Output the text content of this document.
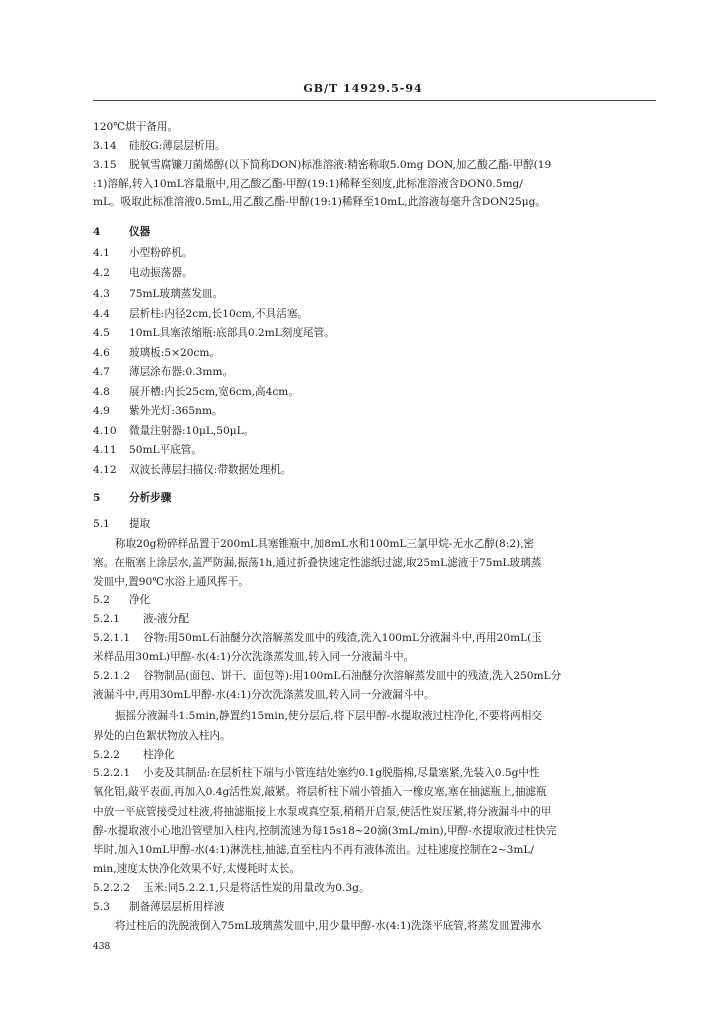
GB/T 14929.5-94
120℃烘干备用。
3.14 硅胶G:薄层层析用。
3.15 脱氧雪腐镰刀菌烯醇(以下简称DON)标准溶液:精密称取5.0mg DON,加乙酸乙酯-甲醇(19
:1)溶解,转入10mL容量瓶中,用乙酸乙酯-甲醇(19:1)稀释至刻度,此标准溶液含DON0.5mg/
mL。吸取此标准溶液0.5mL,用乙酸乙酯-甲醇(19:1)稀释至10mL,此溶液每毫升含DON25μg。
4	仪器
4.1 小型粉碎机。
4.2 电动振荡器。
4.3 75mL玻璃蒸发皿。
4.4 层析柱:内径2cm,长10cm,不具活塞。
4.5 10mL具塞浓缩瓶:底部具0.2mL刻度尾管。
4.6 玻璃板:5×20cm。
4.7 薄层涂布器:0.3mm。
4.8 展开槽:内长25cm,宽6cm,高4cm。
4.9 紫外光灯:365nm。
4.10 微量注射器:10μL,50μL。
4.11 50mL平底管。
4.12 双波长薄层扫描仪:带数据处理机。
5	分析步骤
5.1 提取
称取20g粉碎样品置于200mL具塞锥瓶中,加8mL水和100mL三氯甲烷-无水乙醇(8:2),密
塞。在瓶塞上涂层水,盖严防漏,振荡1h,通过折叠快速定性滤纸过滤,取25mL滤液于75mL玻璃蒸
发皿中,置90℃水浴上通风挥干。
5.2 净化
5.2.1 液-液分配
5.2.1.1 谷物:用50mL石油醚分次溶解蒸发皿中的残渣,洗入100mL分液漏斗中,再用20mL(玉
米样品用30mL)甲醇-水(4:1)分次洗涤蒸发皿,转入同一分液漏斗中。
5.2.1.2 谷物制品(面包、饼干、面包等):用100mL石油醚分次溶解蒸发皿中的残渣,洗入250mL分
液漏斗中,再用30mL甲醇-水(4:1)分次洗涤蒸发皿,转入同一分液漏斗中。
振摇分液漏斗1.5min,静置约15min,使分层后,将下层甲醇-水提取液过柱净化,不要将两相交
界处的白色絮状物放入柱内。
5.2.2 柱净化
5.2.2.1 小麦及其制品:在层析柱下端与小管连结处塞约0.1g脱脂棉,尽量塞紧,先装入0.5g中性
氧化铝,敲平表面,再加入0.4g活性炭,敲紧。将层析柱下端小管插入一橡皮塞,塞在抽滤瓶上,抽滤瓶
中放一平底管接受过柱液,将抽滤瓶接上水泵或真空泵,稍稍开启泵,使活性炭压紧,将分液漏斗中的甲
醇-水提取液小心地沿管壁加入柱内,控制流速为每15s18~20滴(3mL/min),甲醇-水提取液过柱快完
毕时,加入10mL甲醇-水(4:1)淋洗柱,抽滤,直至柱内不再有液体流出。过柱速度控制在2~3mL/
min,速度太快净化效果不好,太慢耗时太长。
5.2.2.2 玉米:同5.2.2.1,只是将活性炭的用量改为0.3g。
5.3 制备薄层层析用样液
将过柱后的洗脱液倒入75mL玻璃蒸发皿中,用少量甲醇-水(4:1)洗涤平底管,将蒸发皿置沸水
438
